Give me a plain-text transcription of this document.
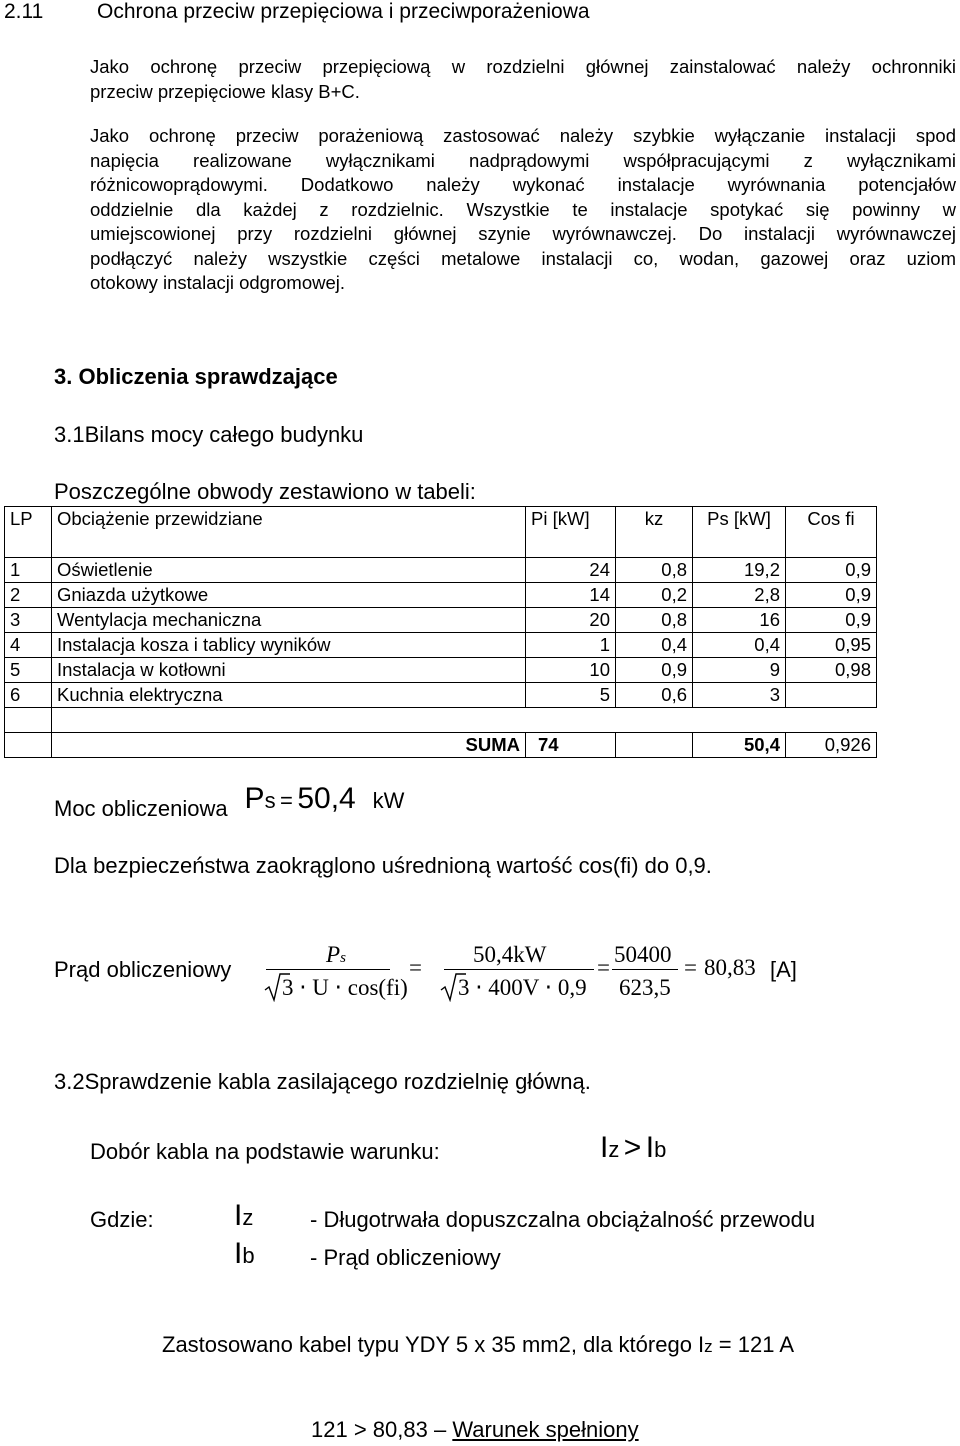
2.11	Ochrona przeciw przepięciowa i przeciwporażeniowa
Jako ochronę przeciw przepięciową w rozdzielni głównej zainstalować należy ochronniki
przeciw przepięciowe klasy B+C.
Jako ochronę przeciw porażeniową zastosować należy szybkie wyłączanie instalacji spod
napięcia realizowane wyłącznikami nadprądowymi współpracującymi z wyłącznikami
różnicowoprądowymi. Dodatkowo należy wykonać instalacje wyrównania potencjałów
oddzielnie dla każdej z rozdzielnic. Wszystkie te instalacje spotykać się powinny w
umiejscowionej przy rozdzielni głównej szynie wyrównawczej. Do instalacji wyrównawczej
podłączyć należy wszystkie części metalowe instalacji co, wodan, gazowej oraz uziom
otokowy instalacji odgromowej.
3. Obliczenia sprawdzające
3.1Bilans mocy całego budynku
Poszczególne obwody zestawiono w tabeli:
LP	Obciążenie przewidziane	Pi [kW]	kz	Ps [kW]	Cos fi
1	Oświetlenie	24	0,8	19,2	0,9
2	Gniazda użytkowe	14	0,2	2,8	0,9
3	Wentylacja mechaniczna	20	0,8	16	0,9
4	Instalacja kosza i tablicy wyników	1	0,4	0,4	0,95
5	Instalacja w kotłowni	10	0,9	9	0,98
6	Kuchnia elektryczna	5	0,6	3	

	SUMA	74		50,4	0,926
Moc obliczeniowa Ps = 50,4 kW
Dla bezpieczeństwa zaokrąglono uśrednioną wartość cos(fi) do 0,9.
Prąd obliczeniowy
Ps
3 ⋅ U ⋅ cos(fi)
=
50,4kW
3 ⋅ 400V ⋅ 0,9
=
50400
623,5
= 80,83 [A]
3.2Sprawdzenie kabla zasilającego rozdzielnię główną.
Dobór kabla na podstawie warunku:	Iz > Ib
Gdzie:	Iz	- Długotrwała dopuszczalna obciążalność przewodu
Ib	- Prąd obliczeniowy
Zastosowano kabel typu YDY 5 x 35 mm2, dla którego Iz = 121 A
121 > 80,83 – Warunek spełniony
